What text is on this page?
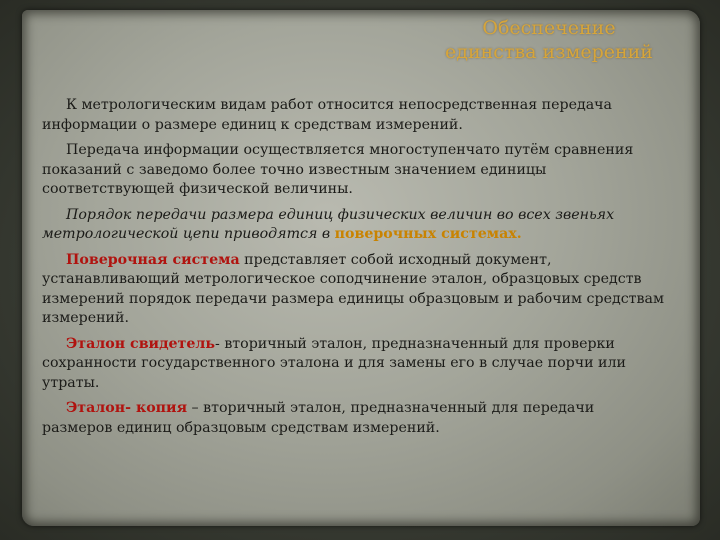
Обеспечение
единства измерений

К метрологическим видам работ относится непосредственная передача информации о размере единиц к средствам измерений.

Передача информации осуществляется многоступенчато путём сравнения показаний с заведомо более точно известным значением единицы соответствующей физической величины.

Порядок передачи размера единиц физических величин во всех звеньях метрологической цепи приводятся в поверочных системах.

Поверочная система представляет собой исходный документ, устанавливающий метрологическое соподчинение эталон, образцовых средств измерений порядок передачи размера единицы образцовым и рабочим средствам измерений.

Эталон свидетель- вторичный эталон, предназначенный для проверки сохранности государственного эталона и для замены его в случае порчи или утраты.

Эталон- копия – вторичный эталон, предназначенный для передачи размеров единиц образцовым средствам измерений.
